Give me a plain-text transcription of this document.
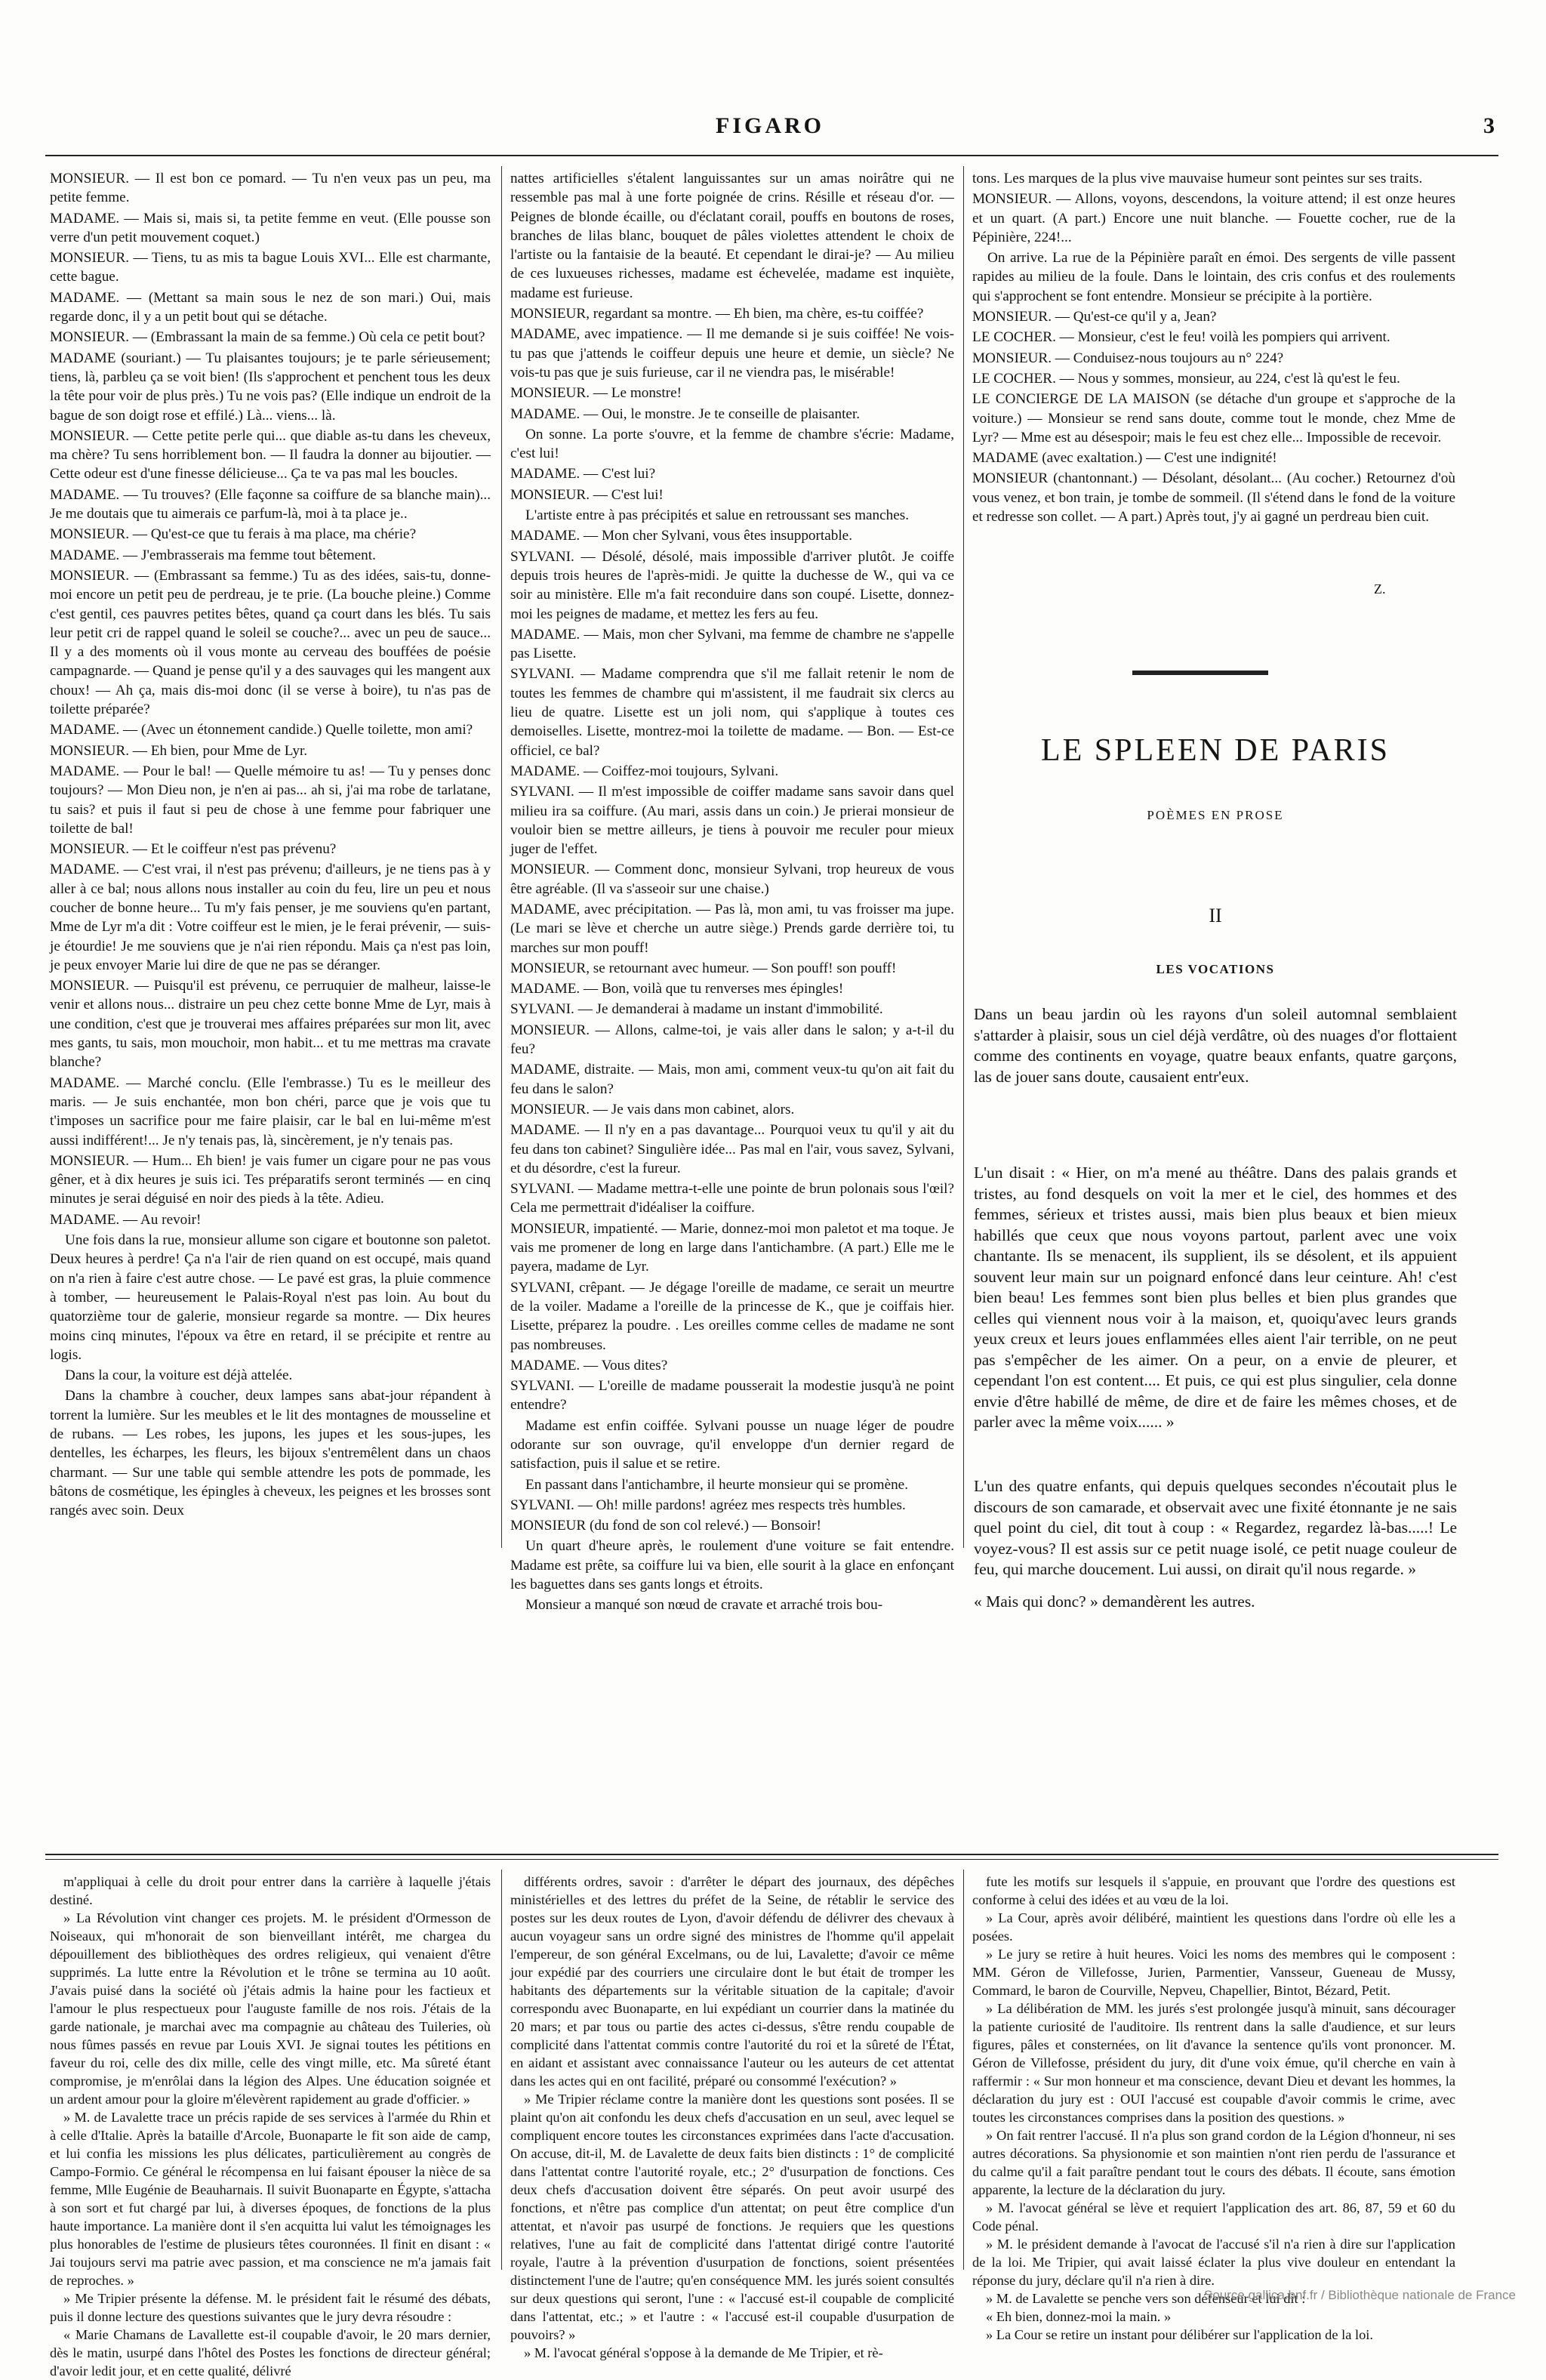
FIGARO	3

MONSIEUR. — Il est bon ce pomard. — Tu n'en veux pas un peu, ma petite femme.

MADAME. — Mais si, mais si, ta petite femme en veut. (Elle pousse son verre d'un petit mouvement coquet.)

MONSIEUR. — Tiens, tu as mis ta bague Louis XVI... Elle est charmante, cette bague.

MADAME. — (Mettant sa main sous le nez de son mari.) Oui, mais regarde donc, il y a un petit bout qui se détache.

MONSIEUR. — (Embrassant la main de sa femme.) Où cela ce petit bout?

MADAME (souriant.) — Tu plaisantes toujours; je te parle sérieusement; tiens, là, parbleu ça se voit bien! (Ils s'approchent et penchent tous les deux la tête pour voir de plus près.) Tu ne vois pas? (Elle indique un endroit de la bague de son doigt rose et effilé.) Là... viens... là.

MONSIEUR. — Cette petite perle qui... que diable as-tu dans les cheveux, ma chère? Tu sens horriblement bon. — Il faudra la donner au bijoutier. — Cette odeur est d'une finesse délicieuse... Ça te va pas mal les boucles.

MADAME. — Tu trouves? (Elle façonne sa coiffure de sa blanche main)... Je me doutais que tu aimerais ce parfum-là, moi à ta place je..

MONSIEUR. — Qu'est-ce que tu ferais à ma place, ma chérie?

MADAME. — J'embrasserais ma femme tout bêtement.

MONSIEUR. — (Embrassant sa femme.) Tu as des idées, sais-tu, donne-moi encore un petit peu de perdreau, je te prie. (La bouche pleine.) Comme c'est gentil, ces pauvres petites bêtes, quand ça court dans les blés. Tu sais leur petit cri de rappel quand le soleil se couche?... avec un peu de sauce... Il y a des moments où il vous monte au cerveau des bouffées de poésie campagnarde. — Quand je pense qu'il y a des sauvages qui les mangent aux choux! — Ah ça, mais dis-moi donc (il se verse à boire), tu n'as pas de toilette préparée?

MADAME. — (Avec un étonnement candide.) Quelle toilette, mon ami?

MONSIEUR. — Eh bien, pour Mme de Lyr.

MADAME. — Pour le bal! — Quelle mémoire tu as! — Tu y penses donc toujours? — Mon Dieu non, je n'en ai pas... ah si, j'ai ma robe de tarlatane, tu sais? et puis il faut si peu de chose à une femme pour fabriquer une toilette de bal!

MONSIEUR. — Et le coiffeur n'est pas prévenu?

MADAME. — C'est vrai, il n'est pas prévenu; d'ailleurs, je ne tiens pas à y aller à ce bal; nous allons nous installer au coin du feu, lire un peu et nous coucher de bonne heure... Tu m'y fais penser, je me souviens qu'en partant, Mme de Lyr m'a dit : Votre coiffeur est le mien, je le ferai prévenir, — suis-je étourdie! Je me souviens que je n'ai rien répondu. Mais ça n'est pas loin, je peux envoyer Marie lui dire de que ne pas se déranger.

MONSIEUR. — Puisqu'il est prévenu, ce perruquier de malheur, laisse-le venir et allons nous... distraire un peu chez cette bonne Mme de Lyr, mais à une condition, c'est que je trouverai mes affaires préparées sur mon lit, avec mes gants, tu sais, mon mouchoir, mon habit... et tu me mettras ma cravate blanche?

MADAME. — Marché conclu. (Elle l'embrasse.) Tu es le meilleur des maris. — Je suis enchantée, mon bon chéri, parce que je vois que tu t'imposes un sacrifice pour me faire plaisir, car le bal en lui-même m'est aussi indifférent!... Je n'y tenais pas, là, sincèrement, je n'y tenais pas.

MONSIEUR. — Hum... Eh bien! je vais fumer un cigare pour ne pas vous gêner, et à dix heures je suis ici. Tes préparatifs seront terminés — en cinq minutes je serai déguisé en noir des pieds à la tête. Adieu.

MADAME. — Au revoir!

Une fois dans la rue, monsieur allume son cigare et boutonne son paletot. Deux heures à perdre! Ça n'a l'air de rien quand on est occupé, mais quand on n'a rien à faire c'est autre chose. — Le pavé est gras, la pluie commence à tomber, — heureusement le Palais-Royal n'est pas loin. Au bout du quatorzième tour de galerie, monsieur regarde sa montre. — Dix heures moins cinq minutes, l'époux va être en retard, il se précipite et rentre au logis.

Dans la cour, la voiture est déjà attelée.

Dans la chambre à coucher, deux lampes sans abat-jour répandent à torrent la lumière. Sur les meubles et le lit des montagnes de mousseline et de rubans. — Les robes, les jupons, les jupes et les sous-jupes, les dentelles, les écharpes, les fleurs, les bijoux s'entremêlent dans un chaos charmant. — Sur une table qui semble attendre les pots de pommade, les bâtons de cosmétique, les épingles à cheveux, les peignes et les brosses sont rangés avec soin. Deux

nattes artificielles s'étalent languissantes sur un amas noirâtre qui ne ressemble pas mal à une forte poignée de crins. Résille et réseau d'or. — Peignes de blonde écaille, ou d'éclatant corail, pouffs en boutons de roses, branches de lilas blanc, bouquet de pâles violettes attendent le choix de l'artiste ou la fantaisie de la beauté. Et cependant le dirai-je? — Au milieu de ces luxueuses richesses, madame est échevelée, madame est inquiète, madame est furieuse.

MONSIEUR, regardant sa montre. — Eh bien, ma chère, es-tu coiffée?

MADAME, avec impatience. — Il me demande si je suis coiffée! Ne vois-tu pas que j'attends le coiffeur depuis une heure et demie, un siècle? Ne vois-tu pas que je suis furieuse, car il ne viendra pas, le misérable!

MONSIEUR. — Le monstre!

MADAME. — Oui, le monstre. Je te conseille de plaisanter.

On sonne. La porte s'ouvre, et la femme de chambre s'écrie: Madame, c'est lui!

MADAME. — C'est lui?

MONSIEUR. — C'est lui!

L'artiste entre à pas précipités et salue en retroussant ses manches.

MADAME. — Mon cher Sylvani, vous êtes insupportable.

SYLVANI. — Désolé, désolé, mais impossible d'arriver plutôt. Je coiffe depuis trois heures de l'après-midi. Je quitte la duchesse de W., qui va ce soir au ministère. Elle m'a fait reconduire dans son coupé. Lisette, donnez-moi les peignes de madame, et mettez les fers au feu.

MADAME. — Mais, mon cher Sylvani, ma femme de chambre ne s'appelle pas Lisette.

SYLVANI. — Madame comprendra que s'il me fallait retenir le nom de toutes les femmes de chambre qui m'assistent, il me faudrait six clercs au lieu de quatre. Lisette est un joli nom, qui s'applique à toutes ces demoiselles. Lisette, montrez-moi la toilette de madame. — Bon. — Est-ce officiel, ce bal?

MADAME. — Coiffez-moi toujours, Sylvani.

SYLVANI. — Il m'est impossible de coiffer madame sans savoir dans quel milieu ira sa coiffure. (Au mari, assis dans un coin.) Je prierai monsieur de vouloir bien se mettre ailleurs, je tiens à pouvoir me reculer pour mieux juger de l'effet.

MONSIEUR. — Comment donc, monsieur Sylvani, trop heureux de vous être agréable. (Il va s'asseoir sur une chaise.)

MADAME, avec précipitation. — Pas là, mon ami, tu vas froisser ma jupe. (Le mari se lève et cherche un autre siège.) Prends garde derrière toi, tu marches sur mon pouff!

MONSIEUR, se retournant avec humeur. — Son pouff! son pouff!

MADAME. — Bon, voilà que tu renverses mes épingles!

SYLVANI. — Je demanderai à madame un instant d'immobilité.

MONSIEUR. — Allons, calme-toi, je vais aller dans le salon; y a-t-il du feu?

MADAME, distraite. — Mais, mon ami, comment veux-tu qu'on ait fait du feu dans le salon?

MONSIEUR. — Je vais dans mon cabinet, alors.

MADAME. — Il n'y en a pas davantage... Pourquoi veux tu qu'il y ait du feu dans ton cabinet? Singulière idée... Pas mal en l'air, vous savez, Sylvani, et du désordre, c'est la fureur.

SYLVANI. — Madame mettra-t-elle une pointe de brun polonais sous l'œil? Cela me permettrait d'idéaliser la coiffure.

MONSIEUR, impatienté. — Marie, donnez-moi mon paletot et ma toque. Je vais me promener de long en large dans l'antichambre. (A part.) Elle me le payera, madame de Lyr.

SYLVANI, crêpant. — Je dégage l'oreille de madame, ce serait un meurtre de la voiler. Madame a l'oreille de la princesse de K., que je coiffais hier. Lisette, préparez la poudre. . Les oreilles comme celles de madame ne sont pas nombreuses.

MADAME. — Vous dites?

SYLVANI. — L'oreille de madame pousserait la modestie jusqu'à ne point entendre?

Madame est enfin coiffée. Sylvani pousse un nuage léger de poudre odorante sur son ouvrage, qu'il enveloppe d'un dernier regard de satisfaction, puis il salue et se retire.

En passant dans l'antichambre, il heurte monsieur qui se promène.

SYLVANI. — Oh! mille pardons! agréez mes respects très humbles.

MONSIEUR (du fond de son col relevé.) — Bonsoir!

Un quart d'heure après, le roulement d'une voiture se fait entendre. Madame est prête, sa coiffure lui va bien, elle sourit à la glace en enfonçant les baguettes dans ses gants longs et étroits.

Monsieur a manqué son nœud de cravate et arraché trois bou-

tons. Les marques de la plus vive mauvaise humeur sont peintes sur ses traits.

MONSIEUR. — Allons, voyons, descendons, la voiture attend; il est onze heures et un quart. (A part.) Encore une nuit blanche. — Fouette cocher, rue de la Pépinière, 224!...

On arrive. La rue de la Pépinière paraît en émoi. Des sergents de ville passent rapides au milieu de la foule. Dans le lointain, des cris confus et des roulements qui s'approchent se font entendre. Monsieur se précipite à la portière.

MONSIEUR. — Qu'est-ce qu'il y a, Jean?

LE COCHER. — Monsieur, c'est le feu! voilà les pompiers qui arrivent.

MONSIEUR. — Conduisez-nous toujours au n° 224?

LE COCHER. — Nous y sommes, monsieur, au 224, c'est là qu'est le feu.

LE CONCIERGE DE LA MAISON (se détache d'un groupe et s'approche de la voiture.) — Monsieur se rend sans doute, comme tout le monde, chez Mme de Lyr? — Mme est au désespoir; mais le feu est chez elle... Impossible de recevoir.

MADAME (avec exaltation.) — C'est une indignité!

MONSIEUR (chantonnant.) — Désolant, désolant... (Au cocher.) Retournez d'où vous venez, et bon train, je tombe de sommeil. (Il s'étend dans le fond de la voiture et redresse son collet. — A part.) Après tout, j'y ai gagné un perdreau bien cuit.

Z.
LE SPLEEN DE PARIS
POÈMES EN PROSE
II
LES VOCATIONS
Dans un beau jardin où les rayons d'un soleil automnal semblaient s'attarder à plaisir, sous un ciel déjà verdâtre, où des nuages d'or flottaient comme des continents en voyage, quatre beaux enfants, quatre garçons, las de jouer sans doute, causaient entr'eux.
L'un disait : « Hier, on m'a mené au théâtre. Dans des palais grands et tristes, au fond desquels on voit la mer et le ciel, des hommes et des femmes, sérieux et tristes aussi, mais bien plus beaux et bien mieux habillés que ceux que nous voyons partout, parlent avec une voix chantante. Ils se menacent, ils supplient, ils se désolent, et ils appuient souvent leur main sur un poignard enfoncé dans leur ceinture. Ah! c'est bien beau! Les femmes sont bien plus belles et bien plus grandes que celles qui viennent nous voir à la maison, et, quoiqu'avec leurs grands yeux creux et leurs joues enflammées elles aient l'air terrible, on ne peut pas s'empêcher de les aimer. On a peur, on a envie de pleurer, et cependant l'on est content.... Et puis, ce qui est plus singulier, cela donne envie d'être habillé de même, de dire et de faire les mêmes choses, et de parler avec la même voix...... »
L'un des quatre enfants, qui depuis quelques secondes n'écoutait plus le discours de son camarade, et observait avec une fixité étonnante je ne sais quel point du ciel, dit tout à coup : « Regardez, regardez là-bas.....! Le voyez-vous? Il est assis sur ce petit nuage isolé, ce petit nuage couleur de feu, qui marche doucement. Lui aussi, on dirait qu'il nous regarde. »
« Mais qui donc? » demandèrent les autres.

m'appliquai à celle du droit pour entrer dans la carrière à laquelle j'étais destiné.

» La Révolution vint changer ces projets. M. le président d'Ormesson de Noiseaux, qui m'honorait de son bienveillant intérêt, me chargea du dépouillement des bibliothèques des ordres religieux, qui venaient d'être supprimés. La lutte entre la Révolution et le trône se termina au 10 août. J'avais puisé dans la société où j'étais admis la haine pour les factieux et l'amour le plus respectueux pour l'auguste famille de nos rois. J'étais de la garde nationale, je marchai avec ma compagnie au château des Tuileries, où nous fûmes passés en revue par Louis XVI. Je signai toutes les pétitions en faveur du roi, celle des dix mille, celle des vingt mille, etc. Ma sûreté étant compromise, je m'enrôlai dans la légion des Alpes. Une éducation soignée et un ardent amour pour la gloire m'élevèrent rapidement au grade d'officier. »

» M. de Lavalette trace un précis rapide de ses services à l'armée du Rhin et à celle d'Italie. Après la bataille d'Arcole, Buonaparte le fit son aide de camp, et lui confia les missions les plus délicates, particulièrement au congrès de Campo-Formio. Ce général le récompensa en lui faisant épouser la nièce de sa femme, Mlle Eugénie de Beauharnais. Il suivit Buonaparte en Égypte, s'attacha à son sort et fut chargé par lui, à diverses époques, de fonctions de la plus haute importance. La manière dont il s'en acquitta lui valut les témoignages les plus honorables de l'estime de plusieurs têtes couronnées. Il finit en disant : « Jai toujours servi ma patrie avec passion, et ma conscience ne m'a jamais fait de reproches. »

» Me Tripier présente la défense. M. le président fait le résumé des débats, puis il donne lecture des questions suivantes que le jury devra résoudre :

« Marie Chamans de Lavallette est-il coupable d'avoir, le 20 mars dernier, dès le matin, usurpé dans l'hôtel des Postes les fonctions de directeur général; d'avoir ledit jour, et en cette qualité, délivré

différents ordres, savoir : d'arrêter le départ des journaux, des dépêches ministérielles et des lettres du préfet de la Seine, de rétablir le service des postes sur les deux routes de Lyon, d'avoir défendu de délivrer des chevaux à aucun voyageur sans un ordre signé des ministres de l'homme qu'il appelait l'empereur, de son général Excelmans, ou de lui, Lavalette; d'avoir ce même jour expédié par des courriers une circulaire dont le but était de tromper les habitants des départements sur la véritable situation de la capitale; d'avoir correspondu avec Buonaparte, en lui expédiant un courrier dans la matinée du 20 mars; et par tous ou partie des actes ci-dessus, s'être rendu coupable de complicité dans l'attentat commis contre l'autorité du roi et la sûreté de l'État, en aidant et assistant avec connaissance l'auteur ou les auteurs de cet attentat dans les actes qui en ont facilité, préparé ou consommé l'exécution? »

» Me Tripier réclame contre la manière dont les questions sont posées. Il se plaint qu'on ait confondu les deux chefs d'accusation en un seul, avec lequel se compliquent encore toutes les circonstances exprimées dans l'acte d'accusation. On accuse, dit-il, M. de Lavalette de deux faits bien distincts : 1° de complicité dans l'attentat contre l'autorité royale, etc.; 2° d'usurpation de fonctions. Ces deux chefs d'accusation doivent être séparés. On peut avoir usurpé des fonctions, et n'être pas complice d'un attentat; on peut être complice d'un attentat, et n'avoir pas usurpé de fonctions. Je requiers que les questions relatives, l'une au fait de complicité dans l'attentat dirigé contre l'autorité royale, l'autre à la prévention d'usurpation de fonctions, soient présentées distinctement l'une de l'autre; qu'en conséquence MM. les jurés soient consultés sur deux questions qui seront, l'une : « l'accusé est-il coupable de complicité dans l'attentat, etc.; » et l'autre : « l'accusé est-il coupable d'usurpation de pouvoirs? »

» M. l'avocat général s'oppose à la demande de Me Tripier, et rè-

fute les motifs sur lesquels il s'appuie, en prouvant que l'ordre des questions est conforme à celui des idées et au vœu de la loi.

» La Cour, après avoir délibéré, maintient les questions dans l'ordre où elle les a posées.

» Le jury se retire à huit heures. Voici les noms des membres qui le composent : MM. Géron de Villefosse, Jurien, Parmentier, Vansseur, Gueneau de Mussy, Commard, le baron de Courville, Nepveu, Chapellier, Bintot, Bézard, Petit.

» La délibération de MM. les jurés s'est prolongée jusqu'à minuit, sans décourager la patiente curiosité de l'auditoire. Ils rentrent dans la salle d'audience, et sur leurs figures, pâles et consternées, on lit d'avance la sentence qu'ils vont prononcer. M. Géron de Villefosse, président du jury, dit d'une voix émue, qu'il cherche en vain à raffermir : « Sur mon honneur et ma conscience, devant Dieu et devant les hommes, la déclaration du jury est : OUI l'accusé est coupable d'avoir commis le crime, avec toutes les circonstances comprises dans la position des questions. »

» On fait rentrer l'accusé. Il n'a plus son grand cordon de la Légion d'honneur, ni ses autres décorations. Sa physionomie et son maintien n'ont rien perdu de l'assurance et du calme qu'il a fait paraître pendant tout le cours des débats. Il écoute, sans émotion apparente, la lecture de la déclaration du jury.

» M. l'avocat général se lève et requiert l'application des art. 86, 87, 59 et 60 du Code pénal.

» M. le président demande à l'avocat de l'accusé s'il n'a rien à dire sur l'application de la loi. Me Tripier, qui avait laissé éclater la plus vive douleur en entendant la réponse du jury, déclare qu'il n'a rien à dire.

» M. de Lavalette se penche vers son défenseur et lui dit :

« Eh bien, donnez-moi la main. »

» La Cour se retire un instant pour délibérer sur l'application de la loi.

Source gallica.bnf.fr / Bibliothèque nationale de France
